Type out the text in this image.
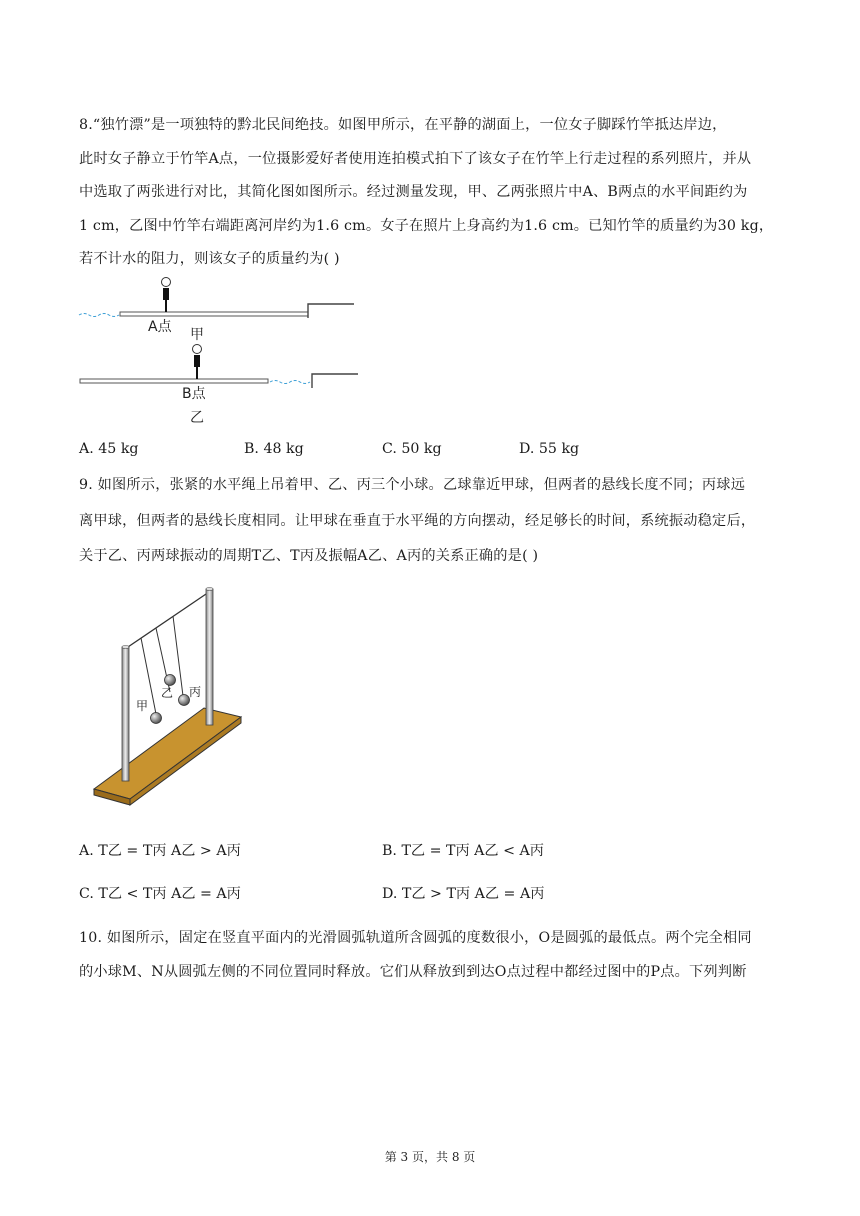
8.“独竹漂”是一项独特的黔北民间绝技。如图甲所示，在平静的湖面上，一位女子脚踩竹竿抵达岸边，
此时女子静立于竹竿A点，一位摄影爱好者使用连拍模式拍下了该女子在竹竿上行走过程的系列照片，并从
中选取了两张进行对比，其简化图如图所示。经过测量发现，甲、乙两张照片中A、B两点的水平间距约为
1 cm，乙图中竹竿右端距离河岸约为1.6 cm。女子在照片上身高约为1.6 cm。已知竹竿的质量约为30 kg，
若不计水的阻力，则该女子的质量约为( )
A点 甲
B点
乙
A. 45 kg	B. 48 kg	C. 50 kg	D. 55 kg
9. 如图所示，张紧的水平绳上吊着甲、乙、丙三个小球。乙球靠近甲球，但两者的悬线长度不同；丙球远
离甲球，但两者的悬线长度相同。让甲球在垂直于水平绳的方向摆动，经足够长的时间，系统振动稳定后，
关于乙、丙两球振动的周期T乙、T丙及振幅A乙、A丙的关系正确的是( )
甲
乙 丙
A. T乙 = T丙 A乙 > A丙	B. T乙 = T丙 A乙 < A丙
C. T乙 < T丙 A乙 = A丙	D. T乙 > T丙 A乙 = A丙
10. 如图所示，固定在竖直平面内的光滑圆弧轨道所含圆弧的度数很小，O是圆弧的最低点。两个完全相同
的小球M、N从圆弧左侧的不同位置同时释放。它们从释放到到达O点过程中都经过图中的P点。下列判断
第 3 页，共 8 页
